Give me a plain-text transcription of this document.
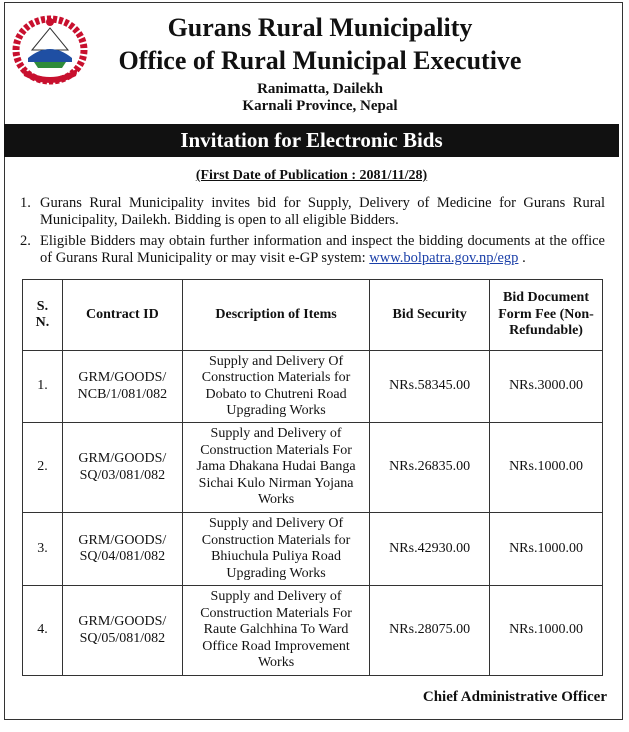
Gurans Rural Municipality
Office of Rural Municipal Executive
Ranimatta, Dailekh
Karnali Province, Nepal
Invitation for Electronic Bids
(First Date of Publication : 2081/11/28)
1. Gurans Rural Municipality invites bid for Supply, Delivery of Medicine for Gurans Rural Municipality, Dailekh. Bidding is open to all eligible Bidders.
2. Eligible Bidders may obtain further information and inspect the bidding documents at the office of Gurans Rural Municipality or may visit e-GP system: www.bolpatra.gov.np/egp .
S. N.	Contract ID	Description of Items	Bid Security	Bid Document Form Fee (Non-Refundable)

1.	GRM/GOODS/ NCB/1/081/082	Supply and Delivery Of Construction Materials for Dobato to Chutreni Road Upgrading Works	NRs.58345.00	NRs.3000.00
2.	GRM/GOODS/ SQ/03/081/082	Supply and Delivery of Construction Materials For Jama Dhakana Hudai Banga Sichai Kulo Nirman Yojana Works	NRs.26835.00	NRs.1000.00
3.	GRM/GOODS/ SQ/04/081/082	Supply and Delivery Of Construction Materials for Bhiuchula Puliya Road Upgrading Works	NRs.42930.00	NRs.1000.00
4.	GRM/GOODS/ SQ/05/081/082	Supply and Delivery of Construction Materials For Raute Galchhina To Ward Office Road Improvement Works	NRs.28075.00	NRs.1000.00
Chief Administrative Officer
